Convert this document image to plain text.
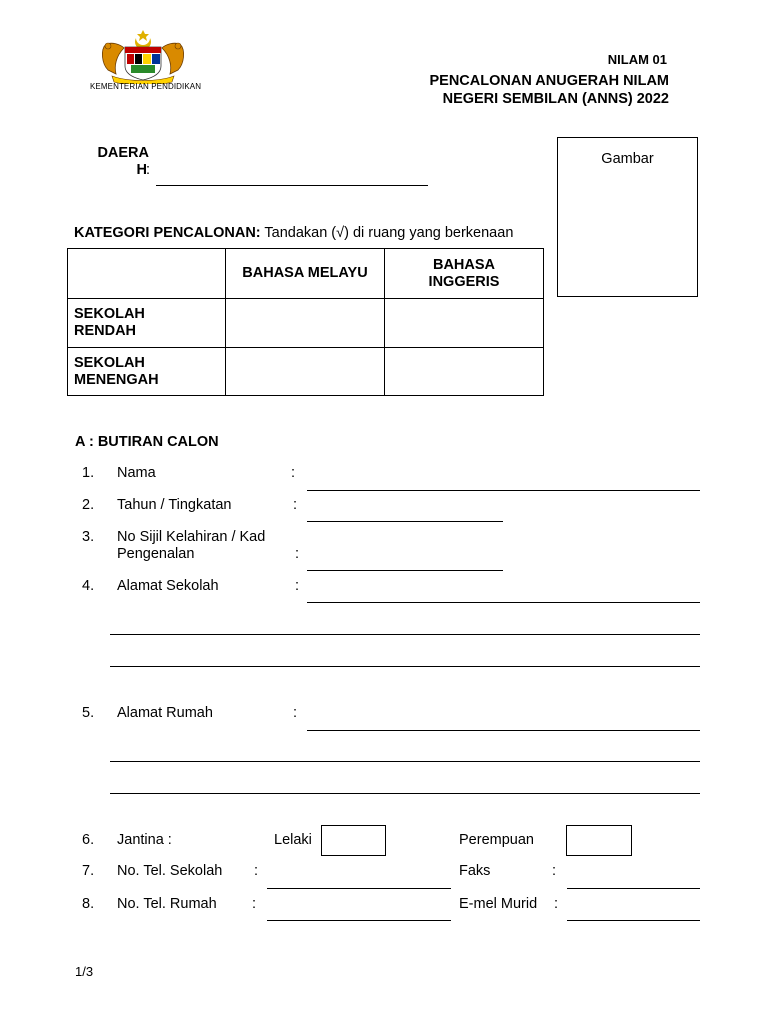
KEMENTERIAN PENDIDIKAN
NILAM 01
PENCALONAN ANUGERAH NILAM
NEGERI SEMBILAN (ANNS) 2022
Gambar
DAERA
H :
KATEGORI PENCALONAN: Tandakan (√) di ruang yang berkenaan
	BAHASA MELAYU	BAHASA INGGERIS

SEKOLAH RENDAH		

SEKOLAH MENENGAH		

A : BUTIRAN CALON
1. Nama	:
2. Tahun / Tingkatan	:
3. No Sijil Kelahiran / Kad Pengenalan	:
4. Alamat Sekolah	:
5. Alamat Rumah	:
6. Jantina :	Lelaki	Perempuan
7. No. Tel. Sekolah :	Faks	:
8. No. Tel. Rumah :	E-mel Murid :
1/3
